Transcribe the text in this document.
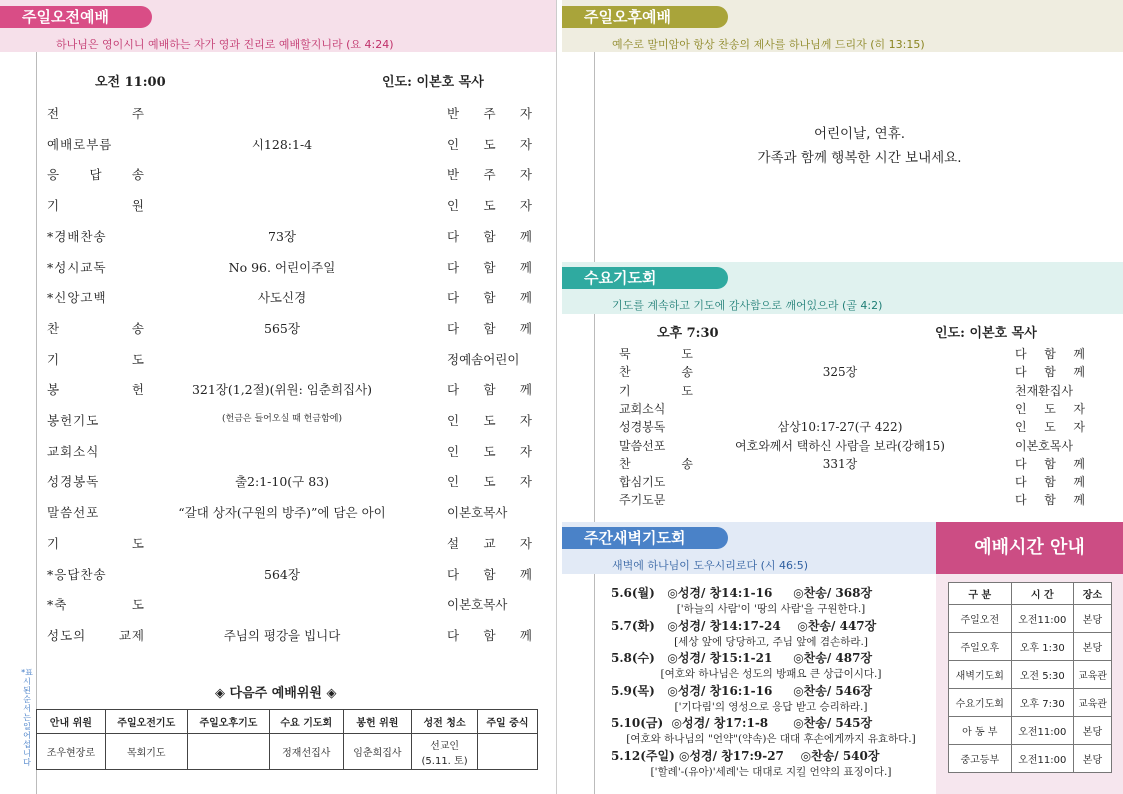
주일오전예배
하나님은 영이시니 예배하는 자가 영과 진리로 예배할지니라 (요 4:24)
*표시된 순서는 일어섭니다
오전 11:00	인도: 이본호 목사
전 주	반 주 자
예배로부름	시128:1-4	인 도 자
응 답 송	반 주 자
기 원	인 도 자
*경배찬송	73장	다 함 께
*성시교독	No 96. 어린이주일	다 함 께
*신앙고백	사도신경	다 함 께
찬 송	565장	다 함 께
기 도	정예솜어린이
봉 헌	321장(1,2절)(위원: 임춘희집사)	다 함 께
봉헌기도	(헌금은 들어오실 때 헌금함에)	인 도 자
교회소식	인 도 자
성경봉독	출2:1-10(구 83)	인 도 자
말씀선포	“갈대 상자(구원의 방주)”에 담은 아이	이본호목사
기 도	설 교 자
*응답찬송	564장	다 함 께
*축 도	이본호목사
성도의 교제	주님의 평강을 빕니다	다 함 께
◈ 다음주 예배위원 ◈
안내 위원	주일오전기도	주일오후기도	수요 기도회	봉헌 위원	성전 청소	주일 중식
조우현장로	목회기도		정재선집사	임춘희집사	선교인
(5.11. 토)	
주일오후예배
예수로 말미암아 항상 찬송의 제사를 하나님께 드리자 (히 13:15)
어린이날, 연휴.
가족과 함께 행복한 시간 보내세요.
수요기도회
기도를 계속하고 기도에 감사함으로 깨어있으라 (골 4:2)
오후 7:30	인도: 이본호 목사
묵 도	다 함 께
찬 송	325장	다 함 께
기 도	천재환집사
교회소식	인 도 자
성경봉독	삼상10:17-27(구 422)	인 도 자
말씀선포	여호와께서 택하신 사람을 보라(강해15)	이본호목사
찬 송	331장	다 함 께
합심기도	다 함 께
주기도문	다 함 께
주간새벽기도회
새벽에 하나님이 도우시리로다 (시 46:5)
5.6(월)   ◎성경/ 창14:1-16     ◎찬송/ 368장
['하늘의 사람'이 '땅의 사람'을 구원한다.]
5.7(화)   ◎성경/ 창14:17-24    ◎찬송/ 447장
[세상 앞에 당당하고, 주님 앞에 겸손하라.]
5.8(수)   ◎성경/ 창15:1-21     ◎찬송/ 487장
[여호와 하나님은 성도의 방패요 큰 상급이시다.]
5.9(목)   ◎성경/ 창16:1-16     ◎찬송/ 546장
['기다림'의 영성으로 응답 받고 승리하라.]
5.10(금)  ◎성경/ 창17:1-8      ◎찬송/ 545장
[여호와 하나님의 "언약"(약속)은 대대 후손에게까지 유효하다.]
5.12(주일) ◎성경/ 창17:9-27    ◎찬송/ 540장
['할례'-(유아)'세례'는 대대로 지킬 언약의 표징이다.]
예배시간 안내
구 분	시 간	장소
주일오전	오전11:00	본당
주일오후	오후 1:30	본당
새벽기도회	오전 5:30	교육관
수요기도회	오후 7:30	교육관
아 동 부	오전11:00	본당
중고등부	오전11:00	본당
